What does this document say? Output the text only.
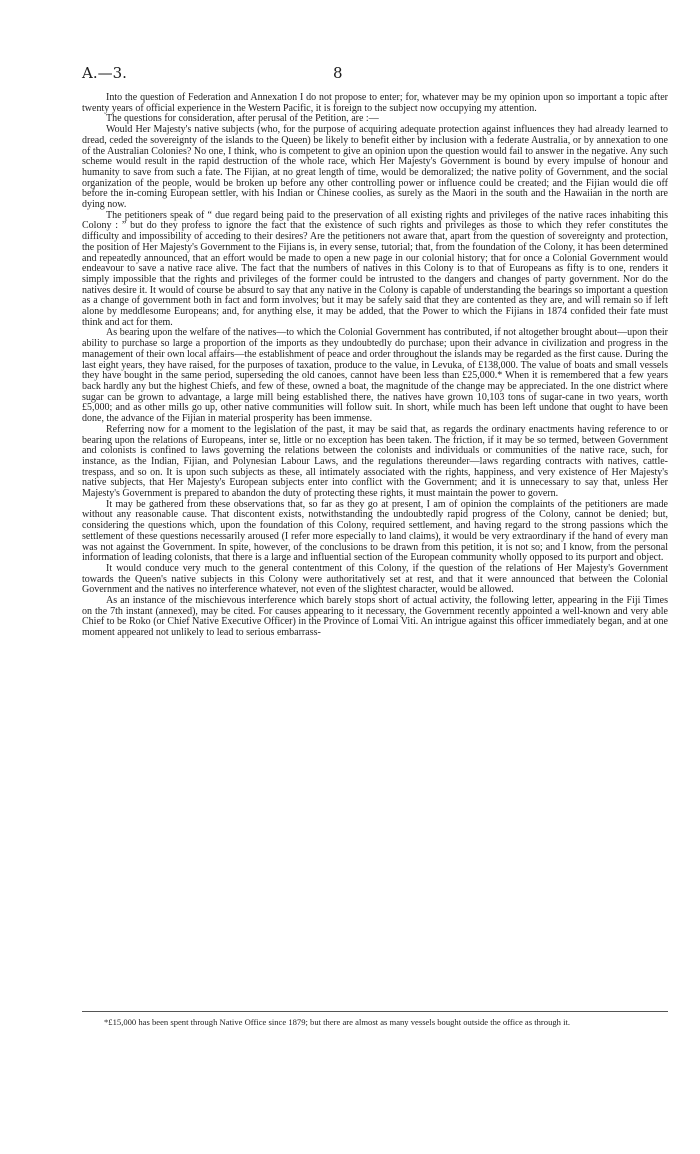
A.—3.	8

Into the question of Federation and Annexation I do not propose to enter; for, whatever may be my opinion upon so important a topic after twenty years of official experience in the Western Pacific, it is foreign to the subject now occupying my attention.

The questions for consideration, after perusal of the Petition, are :—

Would Her Majesty's native subjects (who, for the purpose of acquiring adequate protection against influences they had already learned to dread, ceded the sovereignty of the islands to the Queen) be likely to benefit either by inclusion with a federate Australia, or by annexation to one of the Australian Colonies? No one, I think, who is competent to give an opinion upon the question would fail to answer in the negative. Any such scheme would result in the rapid destruction of the whole race, which Her Majesty's Government is bound by every impulse of honour and humanity to save from such a fate. The Fijian, at no great length of time, would be demoralized; the native polity of Government, and the social organization of the people, would be broken up before any other controlling power or influence could be created; and the Fijian would die off before the in-coming European settler, with his Indian or Chinese coolies, as surely as the Maori in the south and the Hawaiian in the north are dying now.

The petitioners speak of “ due regard being paid to the preservation of all existing rights and privileges of the native races inhabiting this Colony : ” but do they profess to ignore the fact that the existence of such rights and privileges as those to which they refer constitutes the difficulty and impossibility of acceding to their desires? Are the petitioners not aware that, apart from the question of sovereignty and protection, the position of Her Majesty's Government to the Fijians is, in every sense, tutorial; that, from the foundation of the Colony, it has been determined and repeatedly announced, that an effort would be made to open a new page in our colonial history; that for once a Colonial Government would endeavour to save a native race alive. The fact that the numbers of natives in this Colony is to that of Europeans as fifty is to one, renders it simply impossible that the rights and privileges of the former could be intrusted to the dangers and changes of party government. Nor do the natives desire it. It would of course be absurd to say that any native in the Colony is capable of understanding the bearings so important a question as a change of government both in fact and form involves; but it may be safely said that they are contented as they are, and will remain so if left alone by meddlesome Europeans; and, for anything else, it may be added, that the Power to which the Fijians in 1874 confided their fate must think and act for them.

As bearing upon the welfare of the natives—to which the Colonial Government has contributed, if not altogether brought about—upon their ability to purchase so large a proportion of the imports as they undoubtedly do purchase; upon their advance in civilization and progress in the management of their own local affairs—the establishment of peace and order throughout the islands may be regarded as the first cause. During the last eight years, they have raised, for the purposes of taxation, produce to the value, in Levuka, of £138,000. The value of boats and small vessels they have bought in the same period, superseding the old canoes, cannot have been less than £25,000.* When it is remembered that a few years back hardly any but the highest Chiefs, and few of these, owned a boat, the magnitude of the change may be appreciated. In the one district where sugar can be grown to advantage, a large mill being established there, the natives have grown 10,103 tons of sugar-cane in two years, worth £5,000; and as other mills go up, other native communities will follow suit. In short, while much has been left undone that ought to have been done, the advance of the Fijian in material prosperity has been immense.

Referring now for a moment to the legislation of the past, it may be said that, as regards the ordinary enactments having reference to or bearing upon the relations of Europeans, inter se, little or no exception has been taken. The friction, if it may be so termed, between Government and colonists is confined to laws governing the relations between the colonists and individuals or communities of the native race, such, for instance, as the Indian, Fijian, and Polynesian Labour Laws, and the regulations thereunder—laws regarding contracts with natives, cattle-trespass, and so on. It is upon such subjects as these, all intimately associated with the rights, happiness, and very existence of Her Majesty's native subjects, that Her Majesty's European subjects enter into conflict with the Government; and it is unnecessary to say that, unless Her Majesty's Government is prepared to abandon the duty of protecting these rights, it must maintain the power to govern.

It may be gathered from these observations that, so far as they go at present, I am of opinion the complaints of the petitioners are made without any reasonable cause. That discontent exists, notwithstanding the undoubtedly rapid progress of the Colony, cannot be denied; but, considering the questions which, upon the foundation of this Colony, required settlement, and having regard to the strong passions which the settlement of these questions necessarily aroused (I refer more especially to land claims), it would be very extraordinary if the hand of every man was not against the Government. In spite, however, of the conclusions to be drawn from this petition, it is not so; and I know, from the personal information of leading colonists, that there is a large and influential section of the European community wholly opposed to its purport and object.

It would conduce very much to the general contentment of this Colony, if the question of the relations of Her Majesty's Government towards the Queen's native subjects in this Colony were authoritatively set at rest, and that it were announced that between the Colonial Government and the natives no interference whatever, not even of the slightest character, would be allowed.

As an instance of the mischievous interference which barely stops short of actual activity, the following letter, appearing in the Fiji Times on the 7th instant (annexed), may be cited. For causes appearing to it necessary, the Government recently appointed a well-known and very able Chief to be Roko (or Chief Native Executive Officer) in the Province of Lomai Viti. An intrigue against this officer immediately began, and at one moment appeared not unlikely to lead to serious embarrass-

*£15,000 has been spent through Native Office since 1879; but there are almost as many vessels bought outside the office as through it.
